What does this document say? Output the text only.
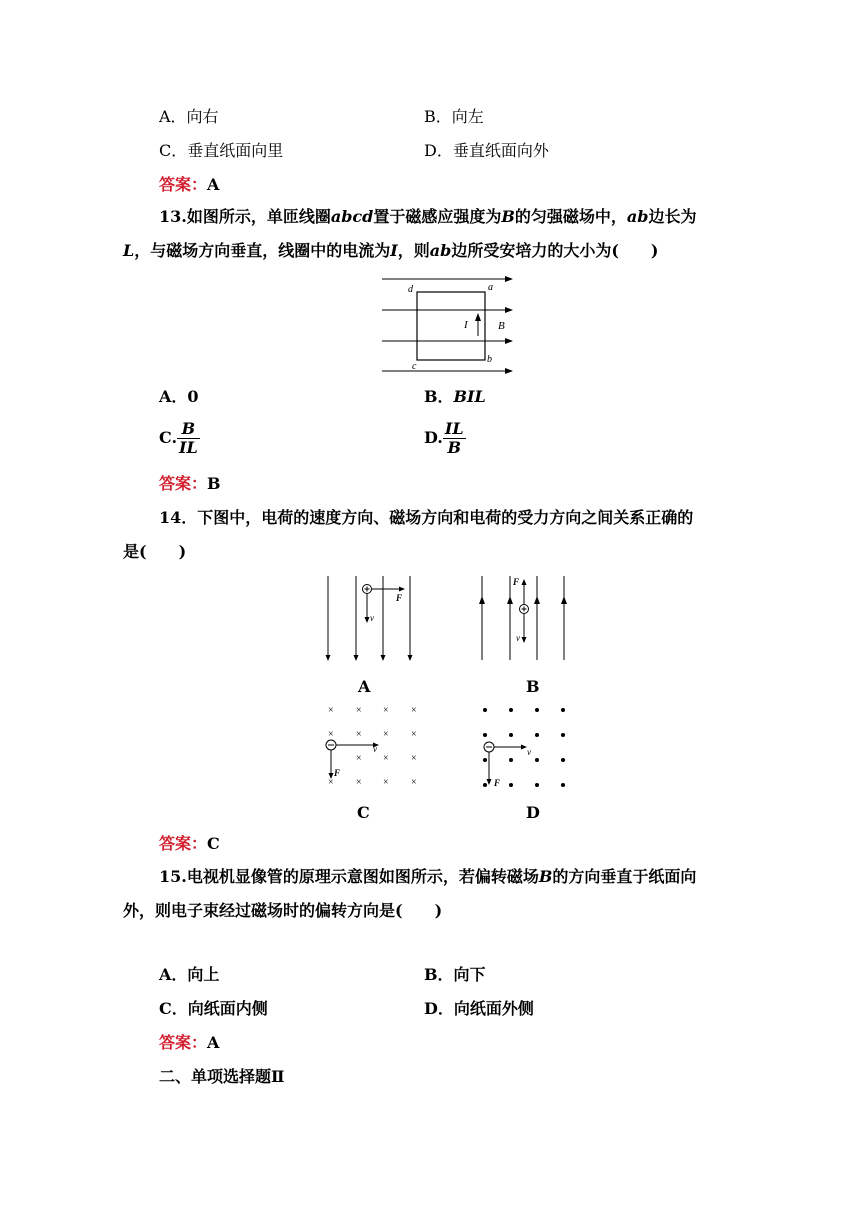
A．向右	B．向左
C．垂直纸面向里	D．垂直纸面向外
答案：A
13.如图所示，单匝线圈abcd置于磁感应强度为B的匀强磁场中，ab边长为
L，与磁场方向垂直，线圈中的电流为I，则ab边所受安培力的大小为(　　)
d	a
c
b
I	B
A．0	B．BIL
C. $\frac{B}{IL}$	D. $\frac{IL}{B}$
答案：B
14．下图中，电荷的速度方向、磁场方向和电荷的受力方向之间关系正确的
是(　　)
F
v
A
F
v
B
× × × ×
× × × ×
× × ×
× × × ×
v
F
C
v
F
D
答案：C
15.电视机显像管的原理示意图如图所示，若偏转磁场B的方向垂直于纸面向
外，则电子束经过磁场时的偏转方向是(　　)
A．向上	B．向下
C．向纸面内侧	D．向纸面外侧
答案：A
二、单项选择题Ⅱ
